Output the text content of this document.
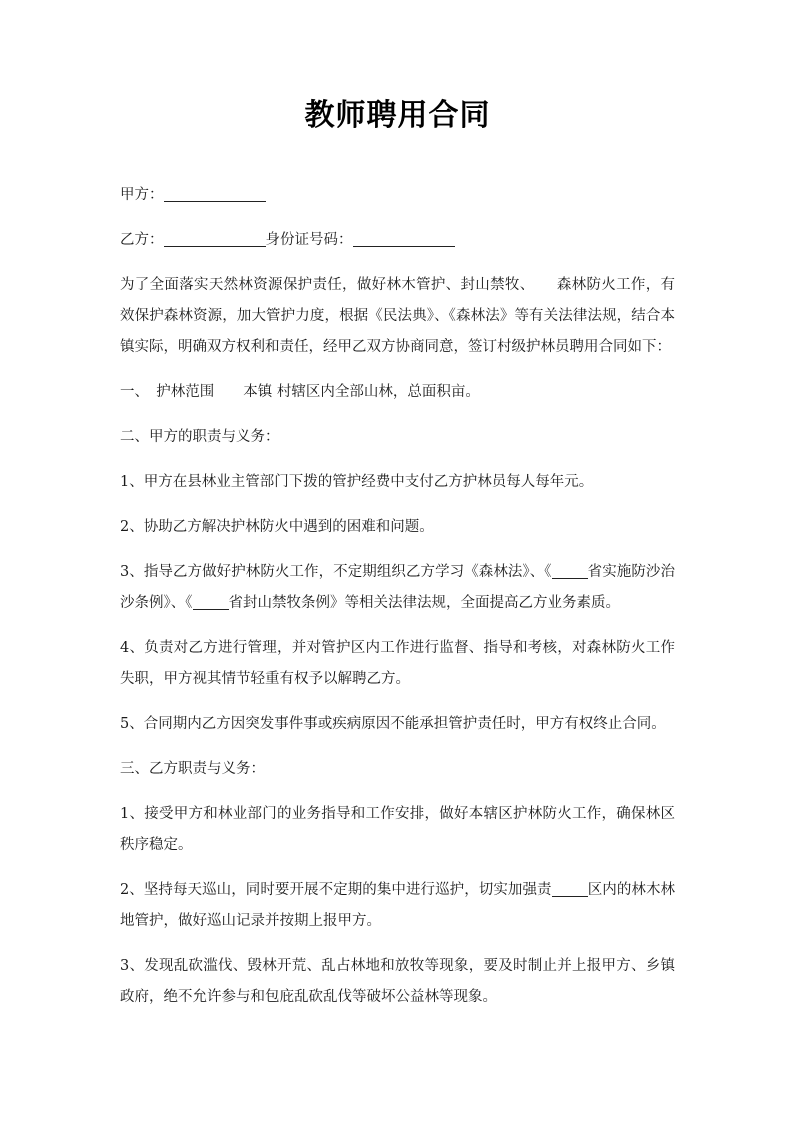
教师聘用合同

甲方：

乙方：	身份证号码：

为了全面落实天然林资源保护责任，做好林木管护、封山禁牧、　　森林防火工作，有效保护森林资源，加大管护力度，根据《民法典》、《森林法》等有关法律法规，结合本镇实际，明确双方权利和责任，经甲乙双方协商同意，签订村级护林员聘用合同如下：

一、　护林范围　　本镇 村辖区内全部山林，总面积亩。

二、甲方的职责与义务：

1、甲方在县林业主管部门下拨的管护经费中支付乙方护林员每人每年元。

2、协助乙方解决护林防火中遇到的困难和问题。

3、指导乙方做好护林防火工作，不定期组织乙方学习《森林法》、《 省实施防沙治沙条例》、《 省封山禁牧条例》等相关法律法规，全面提高乙方业务素质。

4、负责对乙方进行管理，并对管护区内工作进行监督、指导和考核，对森林防火工作失职，甲方视其情节轻重有权予以解聘乙方。

5、合同期内乙方因突发事件事或疾病原因不能承担管护责任时，甲方有权终止合同。

三、乙方职责与义务：

1、接受甲方和林业部门的业务指导和工作安排，做好本辖区护林防火工作，确保林区秩序稳定。

2、坚持每天巡山，同时要开展不定期的集中进行巡护，切实加强责 区内的林木林地管护，做好巡山记录并按期上报甲方。

3、发现乱砍滥伐、毁林开荒、乱占林地和放牧等现象，要及时制止并上报甲方、乡镇政府，绝不允许参与和包庇乱砍乱伐等破坏公益林等现象。
